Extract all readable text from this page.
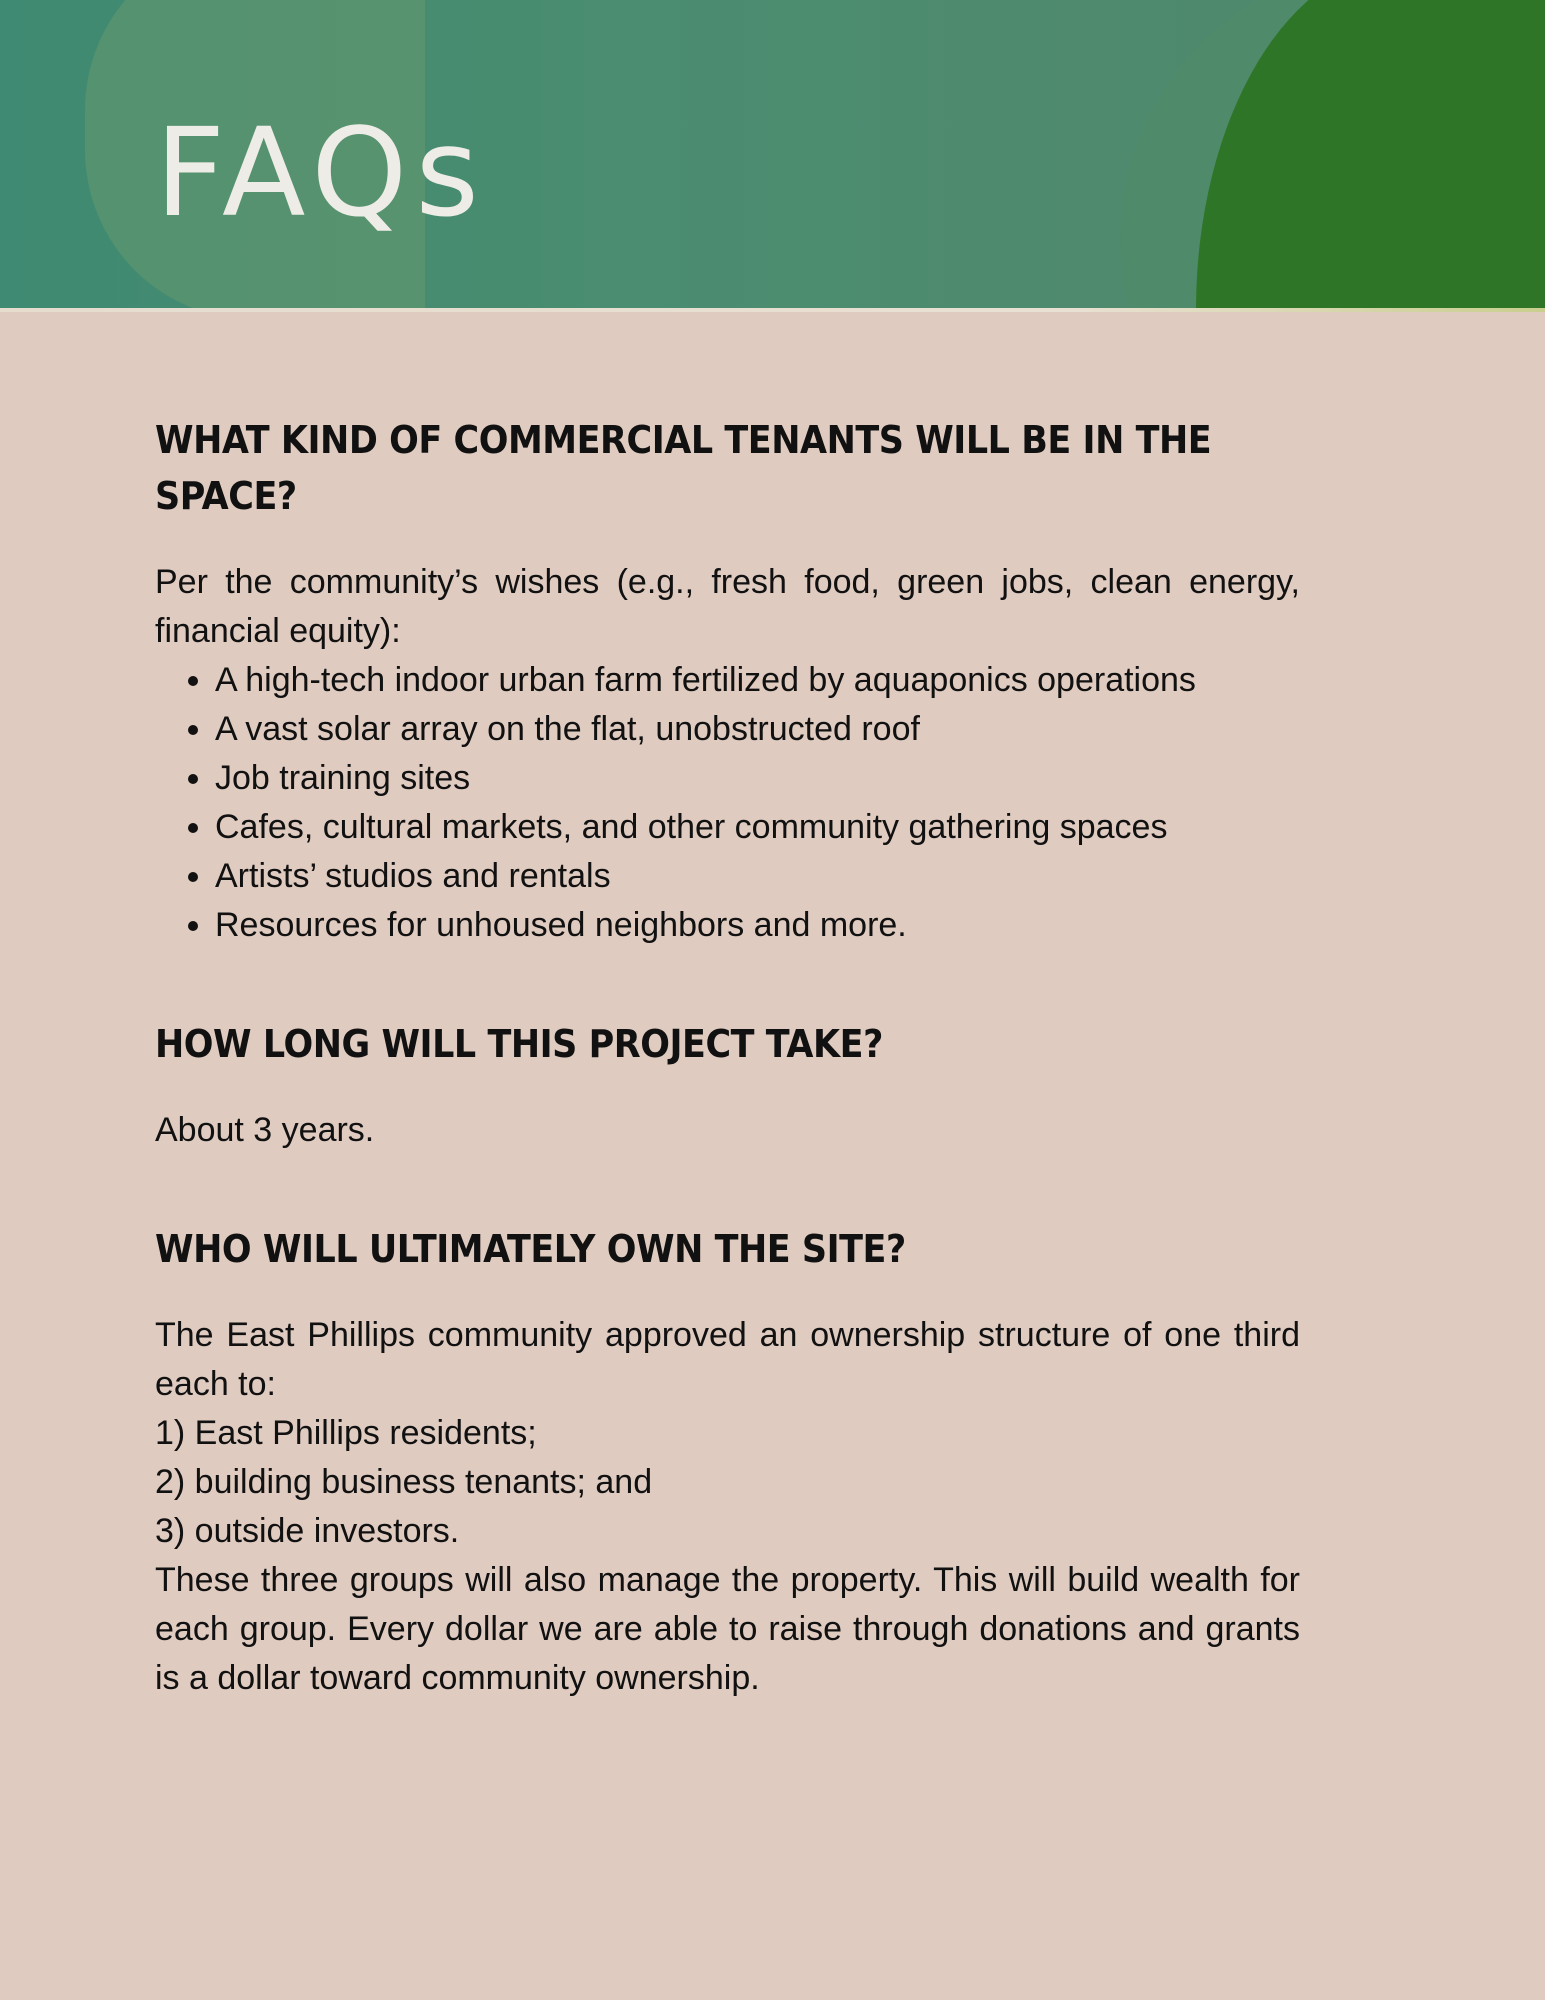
FAQs
WHAT KIND OF COMMERCIAL TENANTS WILL BE IN THE SPACE?

Per the community’s wishes (e.g., fresh food, green jobs, clean energy, financial equity):

• A high-tech indoor urban farm fertilized by aquaponics operations
• A vast solar array on the flat, unobstructed roof
• Job training sites
• Cafes, cultural markets, and other community gathering spaces
• Artists’ studios and rentals
• Resources for unhoused neighbors and more.
HOW LONG WILL THIS PROJECT TAKE?

About 3 years.

WHO WILL ULTIMATELY OWN THE SITE?

The East Phillips community approved an ownership structure of one third each to:

1) East Phillips residents;
2) building business tenants; and
3) outside investors.

These three groups will also manage the property. This will build wealth for each group. Every dollar we are able to raise through donations and grants is a dollar toward community ownership.
